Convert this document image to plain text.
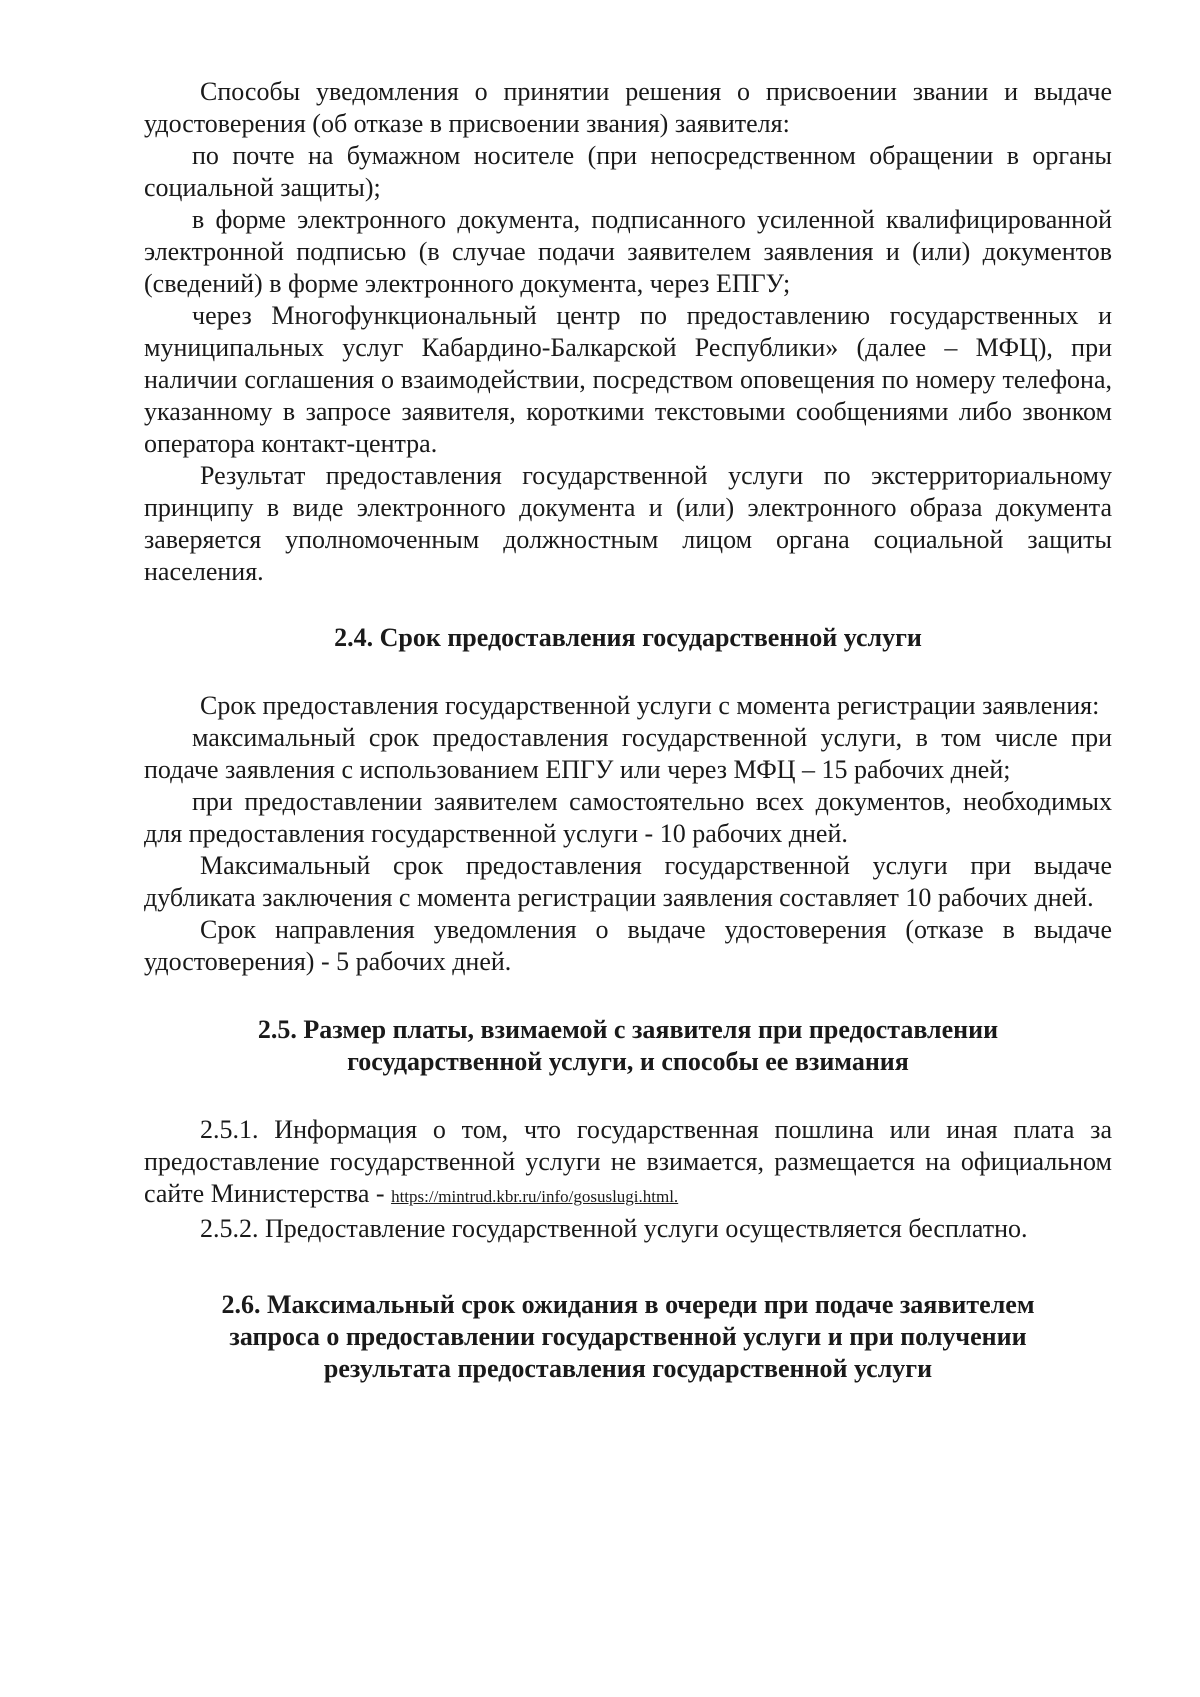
Способы уведомления о принятии решения о присвоении звании и выдаче удостоверения (об отказе в присвоении звания) заявителя:

по почте на бумажном носителе (при непосредственном обращении в органы социальной защиты);

в форме электронного документа, подписанного усиленной квалифицированной электронной подписью (в случае подачи заявителем заявления и (или) документов (сведений) в форме электронного документа, через ЕПГУ;

через Многофункциональный центр по предоставлению государственных и муниципальных услуг Кабардино-Балкарской Республики» (далее – МФЦ), при наличии соглашения о взаимодействии, посредством оповещения по номеру телефона, указанному в запросе заявителя, короткими текстовыми сообщениями либо звонком оператора контакт-центра.

Результат предоставления государственной услуги по экстерриториальному принципу в виде электронного документа и (или) электронного образа документа заверяется уполномоченным должностным лицом органа социальной защиты населения.

2.4. Срок предоставления государственной услуги

Срок предоставления государственной услуги с момента регистрации заявления:

максимальный срок предоставления государственной услуги, в том числе при подаче заявления с использованием ЕПГУ или через МФЦ – 15 рабочих дней;

при предоставлении заявителем самостоятельно всех документов, необходимых для предоставления государственной услуги - 10 рабочих дней.

Максимальный срок предоставления государственной услуги при выдаче дубликата заключения с момента регистрации заявления составляет 10 рабочих дней.

Срок направления уведомления о выдаче удостоверения (отказе в выдаче удостоверения) - 5 рабочих дней.

2.5. Размер платы, взимаемой с заявителя при предоставлении
государственной услуги, и способы ее взимания

2.5.1. Информация о том, что государственная пошлина или иная плата за предоставление государственной услуги не взимается, размещается на официальном сайте Министерства - https://mintrud.kbr.ru/info/gosuslugi.html.

2.5.2. Предоставление государственной услуги осуществляется бесплатно.

2.6. Максимальный срок ожидания в очереди при подаче заявителем
запроса о предоставлении государственной услуги и при получении
результата предоставления государственной услуги
